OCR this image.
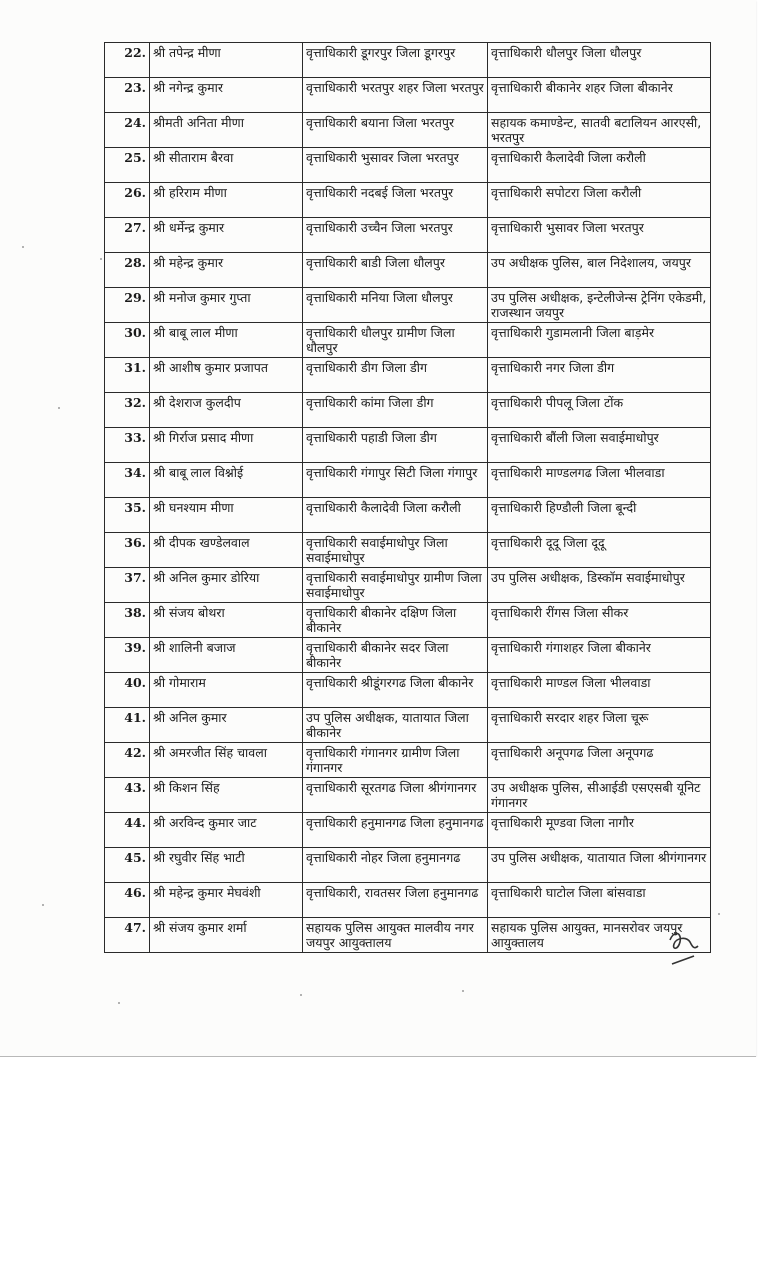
22.	श्री तपेन्द्र मीणा	वृत्ताधिकारी डूगरपुर जिला डूगरपुर	वृत्ताधिकारी धौलपुर जिला धौलपुर
23.	श्री नगेन्द्र कुमार	वृत्ताधिकारी भरतपुर शहर जिला भरतपुर	वृत्ताधिकारी बीकानेर शहर जिला बीकानेर
24.	श्रीमती अनिता मीणा	वृत्ताधिकारी बयाना जिला भरतपुर	सहायक कमाण्डेन्ट, सातवी बटालियन आरएसी, भरतपुर
25.	श्री सीताराम बैरवा	वृत्ताधिकारी भुसावर जिला भरतपुर	वृत्ताधिकारी कैलादेवी जिला करौली
26.	श्री हरिराम मीणा	वृत्ताधिकारी नदबई जिला भरतपुर	वृत्ताधिकारी सपोटरा जिला करौली
27.	श्री धर्मेन्द्र कुमार	वृत्ताधिकारी उच्चैन जिला भरतपुर	वृत्ताधिकारी भुसावर जिला भरतपुर
28.	श्री महेन्द्र कुमार	वृत्ताधिकारी बाडी जिला धौलपुर	उप अधीक्षक पुलिस, बाल निदेशालय, जयपुर
29.	श्री मनोज कुमार गुप्ता	वृत्ताधिकारी मनिया जिला धौलपुर	उप पुलिस अधीक्षक, इन्टेलीजेन्स ट्रेनिंग एकेडमी, राजस्थान जयपुर
30.	श्री बाबू लाल मीणा	वृत्ताधिकारी धौलपुर ग्रामीण जिला धौलपुर	वृत्ताधिकारी गुडामलानी जिला बाड़मेर
31.	श्री आशीष कुमार प्रजापत	वृत्ताधिकारी डीग जिला डीग	वृत्ताधिकारी नगर जिला डीग
32.	श्री देशराज कुलदीप	वृत्ताधिकारी कांमा जिला डीग	वृत्ताधिकारी पीपलू जिला टोंक
33.	श्री गिर्राज प्रसाद मीणा	वृत्ताधिकारी पहाडी जिला डीग	वृत्ताधिकारी बौंली जिला सवाईमाधोपुर
34.	श्री बाबू लाल विश्नोई	वृत्ताधिकारी गंगापुर सिटी जिला गंगापुर	वृत्ताधिकारी माण्डलगढ जिला भीलवाडा
35.	श्री घनश्याम मीणा	वृत्ताधिकारी कैलादेवी जिला करौली	वृत्ताधिकारी हिण्डौली जिला बून्दी
36.	श्री दीपक खण्डेलवाल	वृत्ताधिकारी सवाईमाधोपुर जिला सवाईमाधोपुर	वृत्ताधिकारी दूदू जिला दूदू
37.	श्री अनिल कुमार डोरिया	वृत्ताधिकारी सवाईमाधोपुर ग्रामीण जिला सवाईमाधोपुर	उप पुलिस अधीक्षक, डिस्कॉम सवाईमाधोपुर
38.	श्री संजय बोथरा	वृत्ताधिकारी बीकानेर दक्षिण जिला बीकानेर	वृत्ताधिकारी रींगस जिला सीकर
39.	श्री शालिनी बजाज	वृत्ताधिकारी बीकानेर सदर जिला बीकानेर	वृत्ताधिकारी गंगाशहर जिला बीकानेर
40.	श्री गोमाराम	वृत्ताधिकारी श्रीडूंगरगढ जिला बीकानेर	वृत्ताधिकारी माण्डल जिला भीलवाडा
41.	श्री अनिल कुमार	उप पुलिस अधीक्षक, यातायात जिला बीकानेर	वृत्ताधिकारी सरदार शहर जिला चूरू
42.	श्री अमरजीत सिंह चावला	वृत्ताधिकारी गंगानगर ग्रामीण जिला गंगानगर	वृत्ताधिकारी अनूपगढ जिला अनूपगढ
43.	श्री किशन सिंह	वृत्ताधिकारी सूरतगढ जिला श्रीगंगानगर	उप अधीक्षक पुलिस, सीआईडी एसएसबी यूनिट गंगानगर
44.	श्री अरविन्द कुमार जाट	वृत्ताधिकारी हनुमानगढ जिला हनुमानगढ	वृत्ताधिकारी मूण्डवा जिला नागौर
45.	श्री रघुवीर सिंह भाटी	वृत्ताधिकारी नोहर जिला हनुमानगढ	उप पुलिस अधीक्षक, यातायात जिला श्रीगंगानगर
46.	श्री महेन्द्र कुमार मेघवंशी	वृत्ताधिकारी, रावतसर जिला हनुमानगढ	वृत्ताधिकारी घाटोल जिला बांसवाडा
47.	श्री संजय कुमार शर्मा	सहायक पुलिस आयुक्त मालवीय नगर जयपुर आयुक्तालय	सहायक पुलिस आयुक्त, मानसरोवर जयपुर आयुक्तालय
